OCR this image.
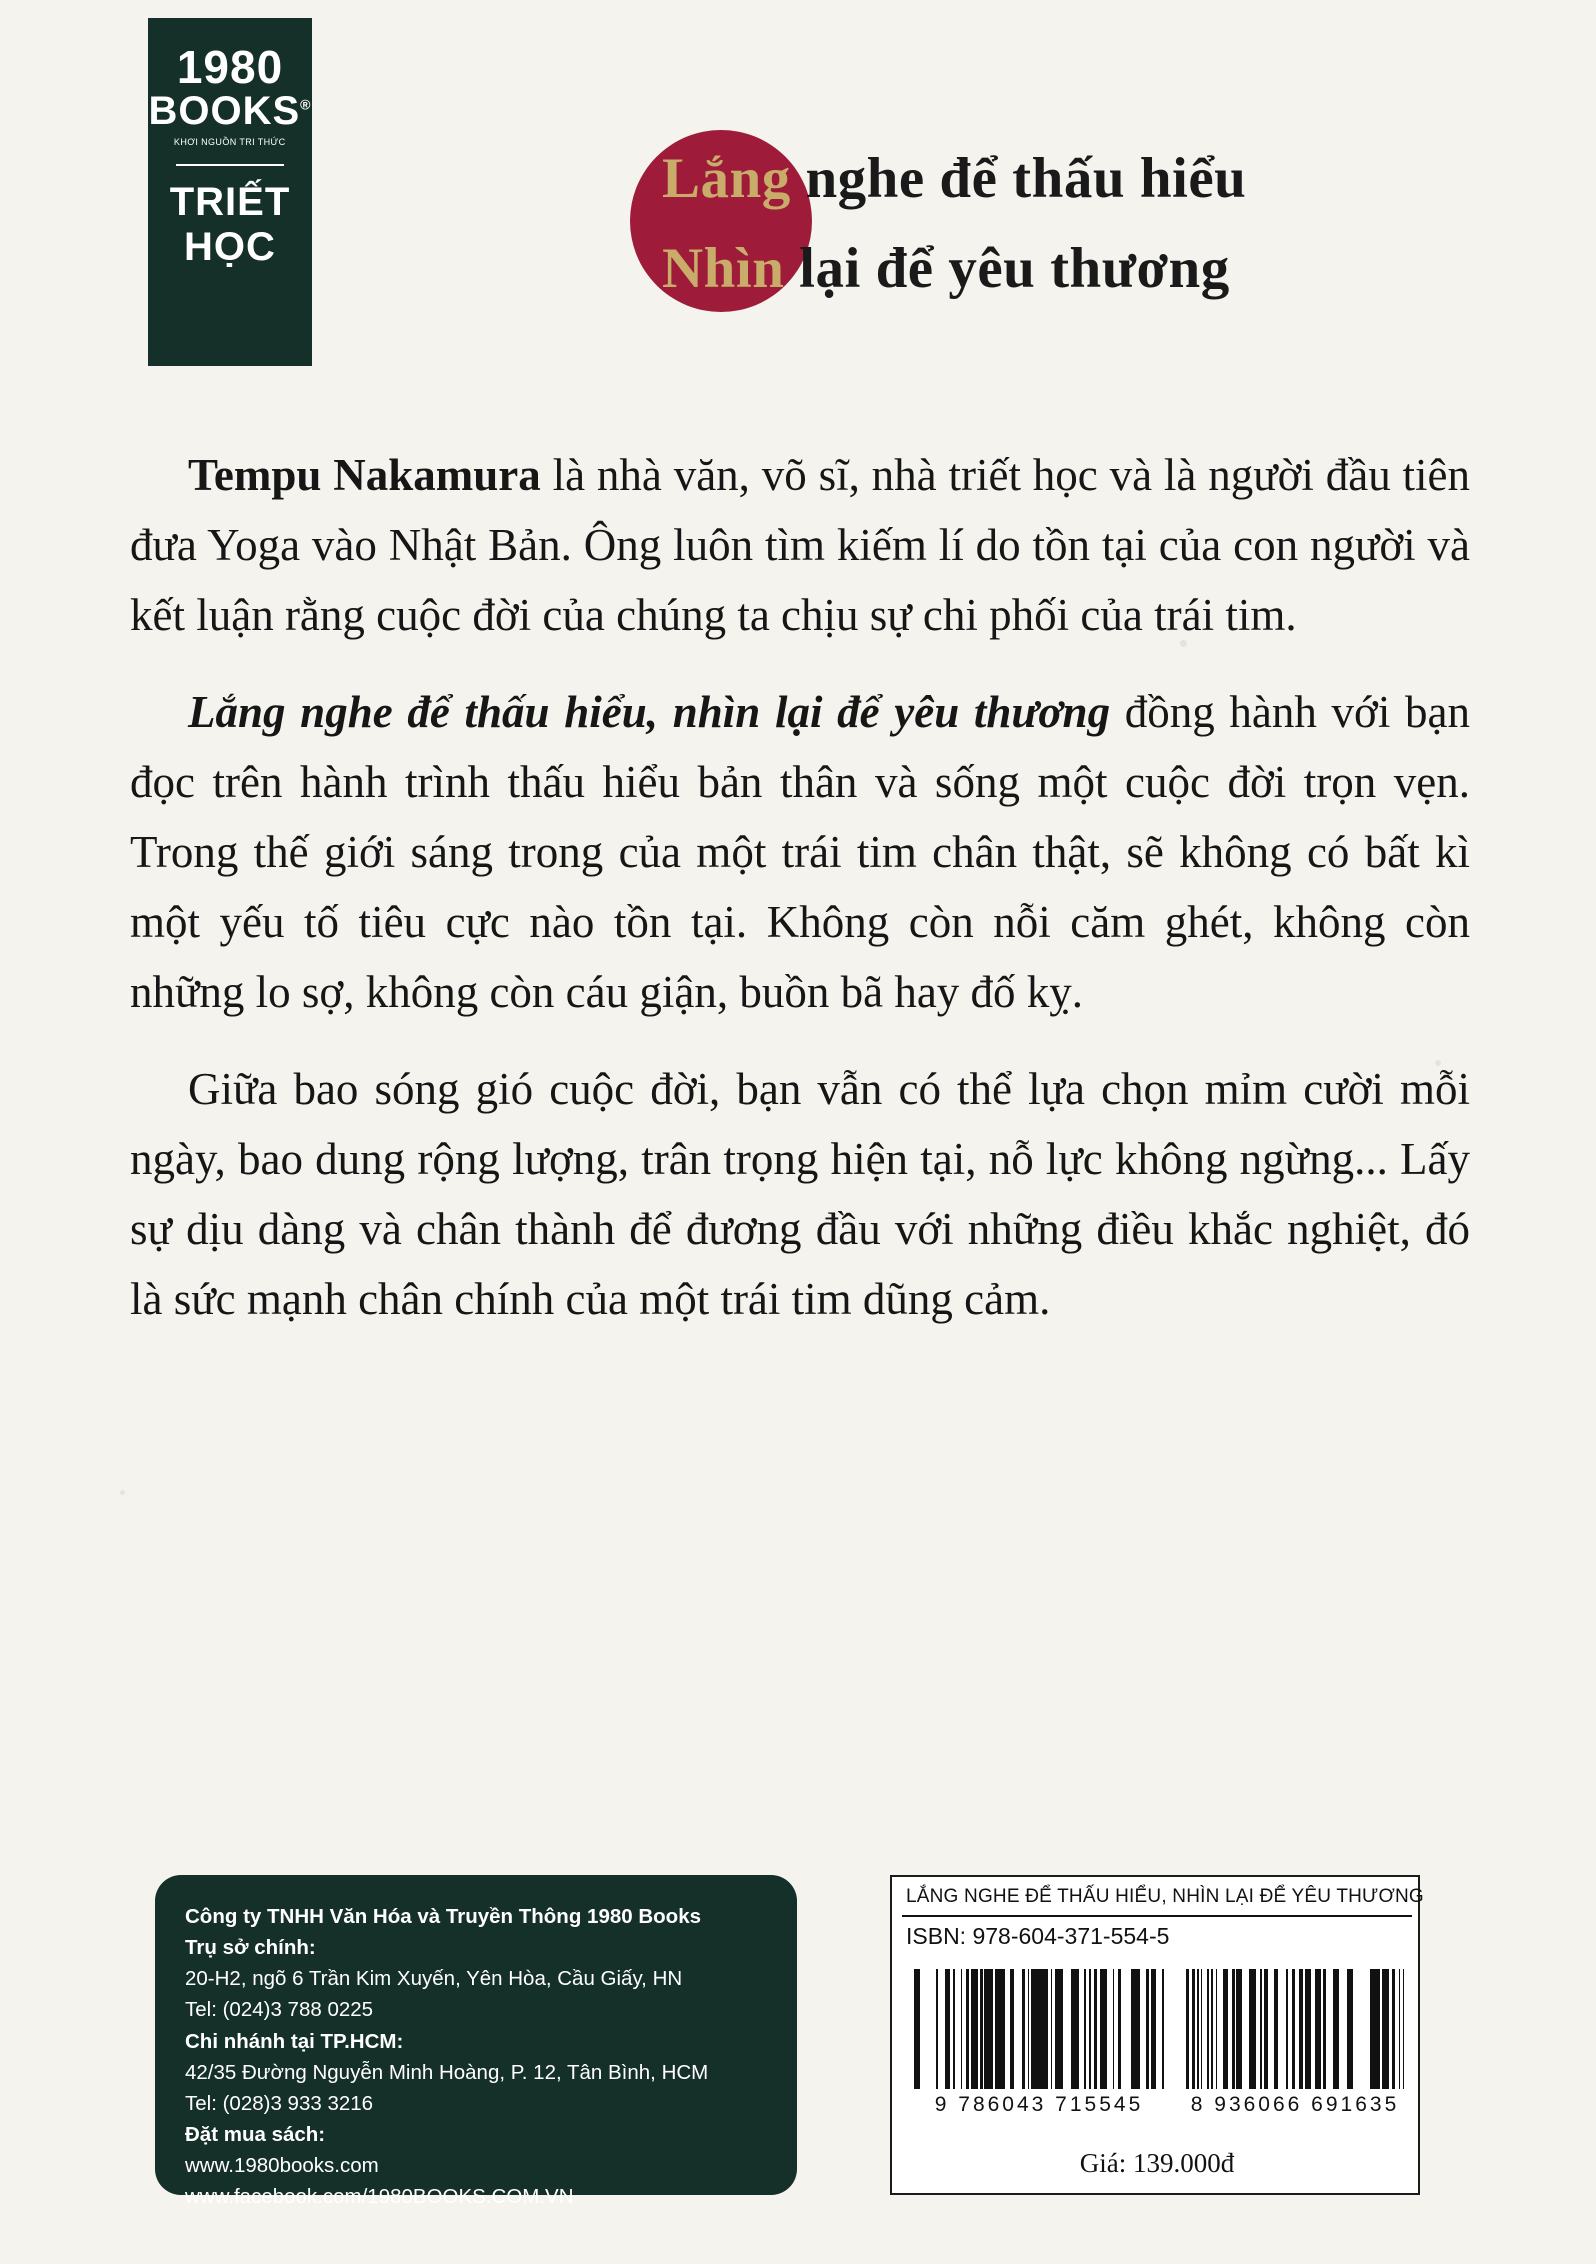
1980
BOOKS®
KHƠI NGUỒN TRI THỨC
TRIẾT
HỌC
Lắng nghe để thấu hiểu
Nhìn lại để yêu thương

Tempu Nakamura là nhà văn, võ sĩ, nhà triết học và là người đầu tiên đưa Yoga vào Nhật Bản. Ông luôn tìm kiếm lí do tồn tại của con người và kết luận rằng cuộc đời của chúng ta chịu sự chi phối của trái tim.

Lắng nghe để thấu hiểu, nhìn lại để yêu thương đồng hành với bạn đọc trên hành trình thấu hiểu bản thân và sống một cuộc đời trọn vẹn. Trong thế giới sáng trong của một trái tim chân thật, sẽ không có bất kì một yếu tố tiêu cực nào tồn tại. Không còn nỗi căm ghét, không còn những lo sợ, không còn cáu giận, buồn bã hay đố kỵ.

Giữa bao sóng gió cuộc đời, bạn vẫn có thể lựa chọn mỉm cười mỗi ngày, bao dung rộng lượng, trân trọng hiện tại, nỗ lực không ngừng... Lấy sự dịu dàng và chân thành để đương đầu với những điều khắc nghiệt, đó là sức mạnh chân chính của một trái tim dũng cảm.

Công ty TNHH Văn Hóa và Truyền Thông 1980 Books
Trụ sở chính:
20-H2, ngõ 6 Trần Kim Xuyến, Yên Hòa, Cầu Giấy, HN
Tel: (024)3 788 0225
Chi nhánh tại TP.HCM:
42/35 Đường Nguyễn Minh Hoàng, P. 12, Tân Bình, HCM
Tel: (028)3 933 3216
Đặt mua sách:
www.1980books.com
www.facebook.com/1980BOOKS.COM.VN
LẮNG NGHE ĐỂ THẤU HIỂU, NHÌN LẠI ĐỂ YÊU THƯƠNG
ISBN: 978-604-371-554-5
9 786043 715545	8 936066 691635
Giá: 139.000đ
